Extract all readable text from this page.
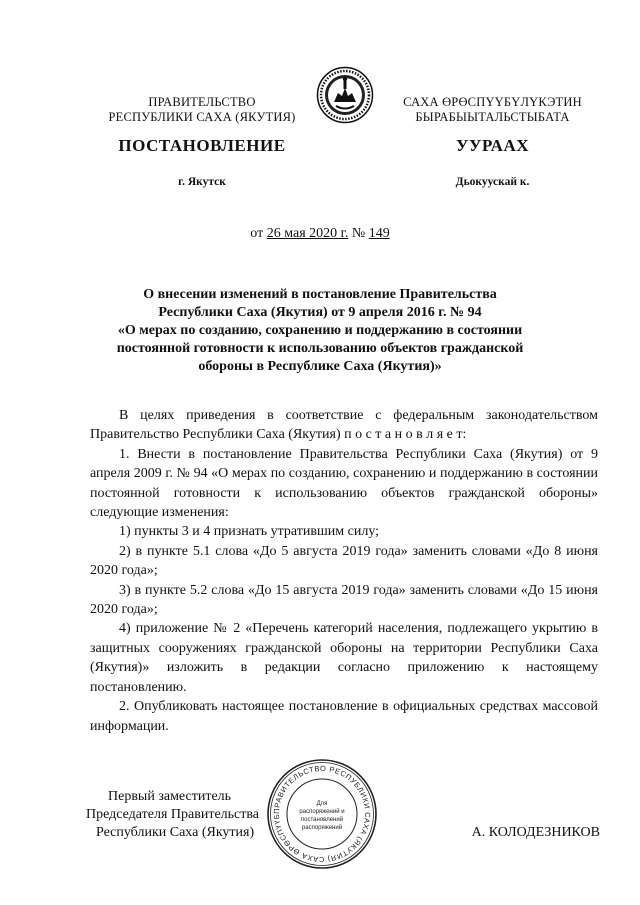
ПРАВИТЕЛЬСТВО
РЕСПУБЛИКИ САХА (ЯКУТИЯ)
САХА ӨРӨСПҮҮБҮЛҮКЭТИН
БЫРАБЫЫТАЛЬСТЫБАТА
ПОСТАНОВЛЕНИЕ	УУРААХ
г. Якутск	Дьокуускай к.
от 26 мая 2020 г. № 149
О внесении изменений в постановление Правительства
Республики Саха (Якутия) от 9 апреля 2016 г. № 94
«О мерах по созданию, сохранению и поддержанию в состоянии
постоянной готовности к использованию объектов гражданской
обороны в Республике Саха (Якутия)»

В целях приведения в соответствие с федеральным законодательством

Правительство Республики Саха (Якутия) п о с т а н о в л я е т:

1. Внести в постановление Правительства Республики Саха (Якутия) от 9 апреля 2009 г. № 94 «О мерах по созданию, сохранению и поддержанию в состоянии постоянной готовности к использованию объектов гражданской обороны» следующие изменения:

1) пункты 3 и 4 признать утратившим силу;

2) в пункте 5.1 слова «До 5 августа 2019 года» заменить словами «До 8 июня 2020 года»;

3) в пункте 5.2 слова «До 15 августа 2019 года» заменить словами «До 15 июня 2020 года»;

4) приложение № 2 «Перечень категорий населения, подлежащего укрытию в защитных сооружениях гражданской обороны на территории Республики Саха (Якутия)» изложить в редакции согласно приложению к настоящему постановлению.

2. Опубликовать настоящее постановление в официальных средствах массовой информации.

Первый заместитель
Председателя Правительства
Республики Саха (Якутия)	А. КОЛОДЕЗНИКОВ
ПРАВИТЕЛЬСТВО РЕСПУБЛИКИ САХА (ЯКУТИЯ) САХА ӨРӨСПҮҮБ
Для
распоряжений и
постановлений
распоряжений
